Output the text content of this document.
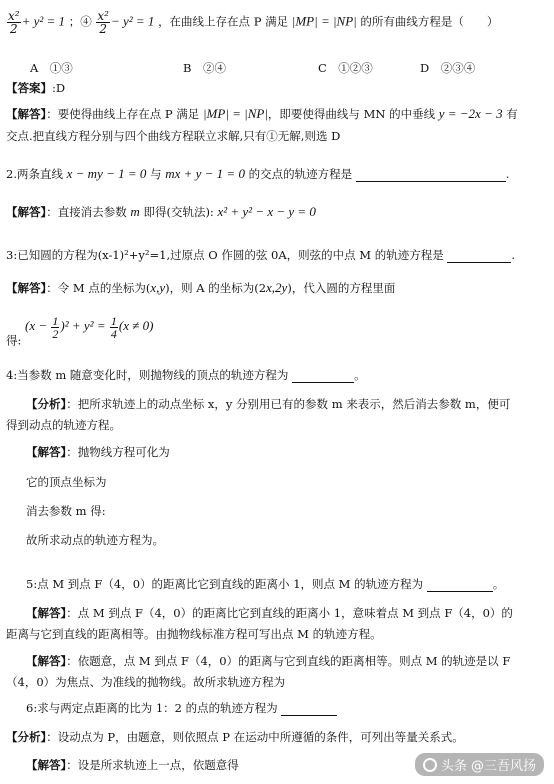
$\frac{\text{x²}}{2} + y^2 = 1$ ；④ $\frac{\text{x²}}{2} - y^2 = 1$ ，在曲线上存在点 P 满足 |MP| = |NP| 的所有曲线方程是（　　）
A　①③	B　②④	C　①②③	D　②③④
【答案】:D
【解答】：要使得曲线上存在点 P 满足 |MP| = |NP|，即要使得曲线与 MN 的中垂线 y = −2x − 3 有
交点.把直线方程分别与四个曲线方程联立求解,只有①无解,则选 D
2.两条直线 x − my − 1 = 0 与 mx + y − 1 = 0 的交点的轨迹方程是	.
【解答】：直接消去参数 m 即得(交轨法): x² + y² − x − y = 0
3:已知圆的方程为(x-1)²+y²=1,过原点 O 作圆的弦 0A，则弦的中点 M 的轨迹方程是	.
【解答】：令 M 点的坐标为(x,y)，则 A 的坐标为(2x,2y)，代入圆的方程里面
得: $(x - \frac{1}{2} )^2 + y^2 = \frac{1}{4} (x \ne 0)$
4:当参数 m 随意变化时，则抛物线的顶点的轨迹方程为	。
【分析】：把所求轨迹上的动点坐标 x，y 分别用已有的参数 m 来表示，然后消去参数 m，便可
得到动点的轨迹方程。
【解答】：抛物线方程可化为
它的顶点坐标为
消去参数 m 得:
故所求动点的轨迹方程为。
5:点 M 到点 F（4，0）的距离比它到直线的距离小 1，则点 M 的轨迹方程为	。
【解答】：点 M 到点 F（4，0）的距离比它到直线的距离小 1，意味着点 M 到点 F（4，0）的
距离与它到直线的距离相等。由抛物线标准方程可写出点 M 的轨迹方程。
【解答】：依题意，点 M 到点 F（4，0）的距离与它到直线的距离相等。则点 M 的轨迹是以 F
（4，0）为焦点、为准线的抛物线。故所求轨迹方程为
6:求与两定点距离的比为 1：2 的点的轨迹方程为
【分析】：设动点为 P，由题意，则依照点 P 在运动中所遵循的条件，可列出等量关系式。
【解答】：设是所求轨迹上一点，依题意得	头条 @三吾风扬
